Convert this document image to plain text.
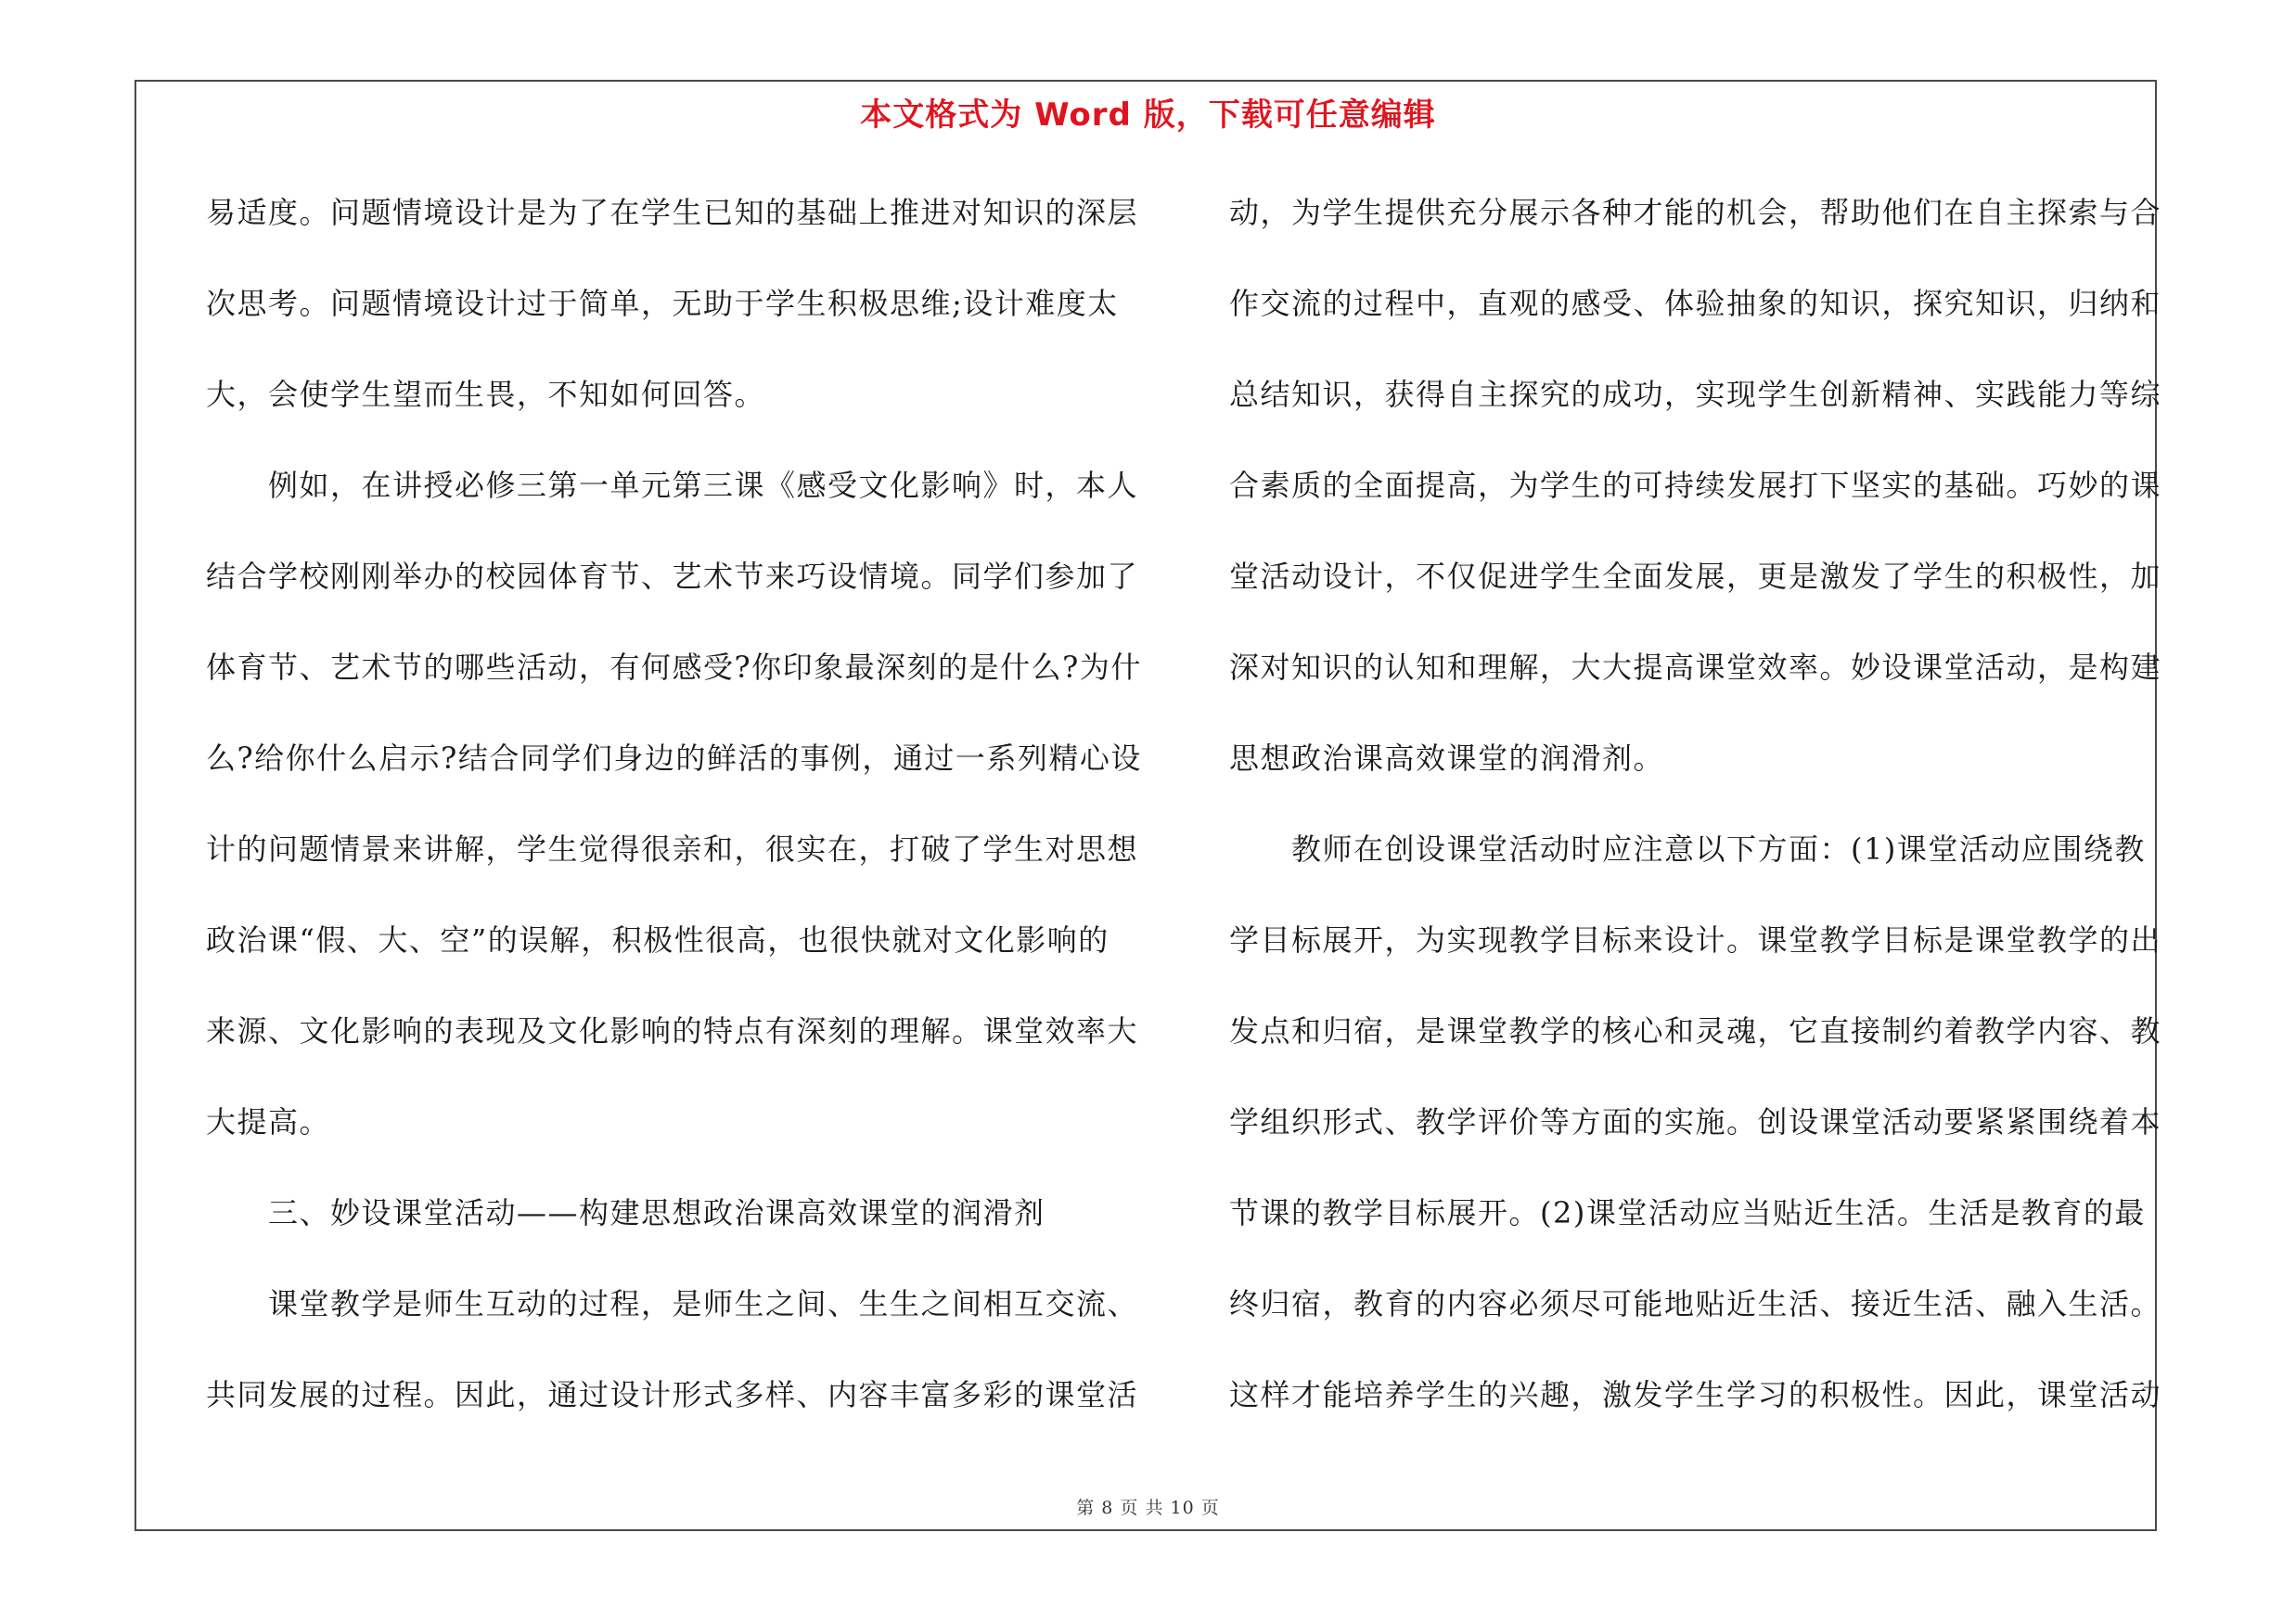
本文格式为 Word 版，下载可任意编辑
易适度。问题情境设计是为了在学生已知的基础上推进对知识的深层
次思考。问题情境设计过于简单，无助于学生积极思维;设计难度太
大，会使学生望而生畏，不知如何回答。
　　例如，在讲授必修三第一单元第三课《感受文化影响》时，本人
结合学校刚刚举办的校园体育节、艺术节来巧设情境。同学们参加了
体育节、艺术节的哪些活动，有何感受?你印象最深刻的是什么?为什
么?给你什么启示?结合同学们身边的鲜活的事例，通过一系列精心设
计的问题情景来讲解，学生觉得很亲和，很实在，打破了学生对思想
政治课“假、大、空”的误解，积极性很高，也很快就对文化影响的
来源、文化影响的表现及文化影响的特点有深刻的理解。课堂效率大
大提高。
　　三、妙设课堂活动——构建思想政治课高效课堂的润滑剂
　　课堂教学是师生互动的过程，是师生之间、生生之间相互交流、
共同发展的过程。因此，通过设计形式多样、内容丰富多彩的课堂活
动，为学生提供充分展示各种才能的机会，帮助他们在自主探索与合
作交流的过程中，直观的感受、体验抽象的知识，探究知识，归纳和
总结知识，获得自主探究的成功，实现学生创新精神、实践能力等综
合素质的全面提高，为学生的可持续发展打下坚实的基础。巧妙的课
堂活动设计，不仅促进学生全面发展，更是激发了学生的积极性，加
深对知识的认知和理解，大大提高课堂效率。妙设课堂活动，是构建
思想政治课高效课堂的润滑剂。
　　教师在创设课堂活动时应注意以下方面：(1)课堂活动应围绕教
学目标展开，为实现教学目标来设计。课堂教学目标是课堂教学的出
发点和归宿，是课堂教学的核心和灵魂，它直接制约着教学内容、教
学组织形式、教学评价等方面的实施。创设课堂活动要紧紧围绕着本
节课的教学目标展开。(2)课堂活动应当贴近生活。生活是教育的最
终归宿，教育的内容必须尽可能地贴近生活、接近生活、融入生活。
这样才能培养学生的兴趣，激发学生学习的积极性。因此，课堂活动
第 8 页 共 10 页
